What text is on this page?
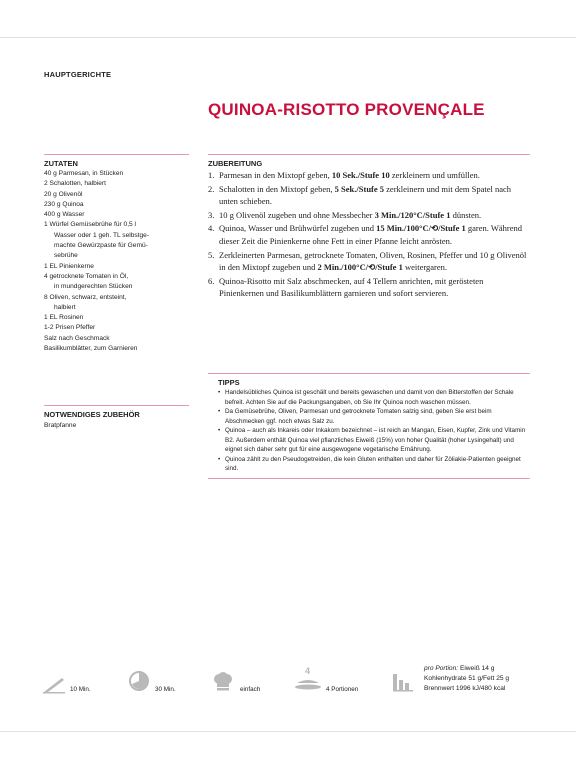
HAUPTGERICHTE
QUINOA-RISOTTO PROVENÇALE
ZUTATEN
40 g Parmesan, in Stücken
2 Schalotten, halbiert
20 g Olivenöl
230 g Quinoa
400 g Wasser
1 Würfel Gemüsebrühe für 0,5 l
Wasser oder 1 geh. TL selbstge-
machte Gewürzpaste für Gemü-
sebrühe
1 EL Pinienkerne
4 getrocknete Tomaten in Öl,
in mundgerechten Stücken
8 Oliven, schwarz, entsteint,
halbiert
1 EL Rosinen
1-2 Prisen Pfeffer
Salz nach Geschmack
Basilikumblätter, zum Garnieren
NOTWENDIGES ZUBEHÖR
Bratpfanne
ZUBEREITUNG
1. Parmesan in den Mixtopf geben, 10 Sek./Stufe 10 zerkleinern und umfüllen.
2. Schalotten in den Mixtopf geben, 5 Sek./Stufe 5 zerkleinern und mit dem Spatel nach unten schieben.
3. 10 g Olivenöl zugeben und ohne Messbecher 3 Min./120°C/Stufe 1 dünsten.
4. Quinoa, Wasser und Brühwürfel zugeben und 15 Min./100°C/⟲/Stufe 1 garen. Während dieser Zeit die Pinienkerne ohne Fett in einer Pfanne leicht anrösten.
5. Zerkleinerten Parmesan, getrocknete Tomaten, Oliven, Rosinen, Pfeffer und 10 g Olivenöl in den Mixtopf zugeben und 2 Min./100°C/⟲/Stufe 1 weitergaren.
6. Quinoa-Risotto mit Salz abschmecken, auf 4 Tellern anrichten, mit gerösteten Pinienkernen und Basilikumblättern garnieren und sofort servieren.
TIPPS
• Handelsübliches Quinoa ist geschält und bereits gewaschen und damit von den Bitterstoffen der Schale befreit. Achten Sie auf die Packungsangaben, ob Sie Ihr Quinoa noch waschen müssen.
• Da Gemüsebrühe, Oliven, Parmesan und getrocknete Tomaten salzig sind, geben Sie erst beim Abschmecken ggf. noch etwas Salz zu.
• Quinoa – auch als Inkareis oder Inkakorn bezeichnet – ist reich an Mangan, Eisen, Kupfer, Zink und Vitamin B2. Außerdem enthält Quinoa viel pflanzliches Eiweiß (15%) von hoher Qualität (hoher Lysingehalt) und eignet sich daher sehr gut für eine ausgewogene vegetarische Ernährung.
• Quinoa zählt zu den Pseudogetreiden, die kein Gluten enthalten und daher für Zöliakie-Patienten geeignet sind.
10 Min.	30 Min.	einfach
4
4 Portionen
pro Portion: Eiweiß 14 g
Kohlenhydrate 51 g/Fett 25 g
Brennwert 1996 kJ/480 kcal
